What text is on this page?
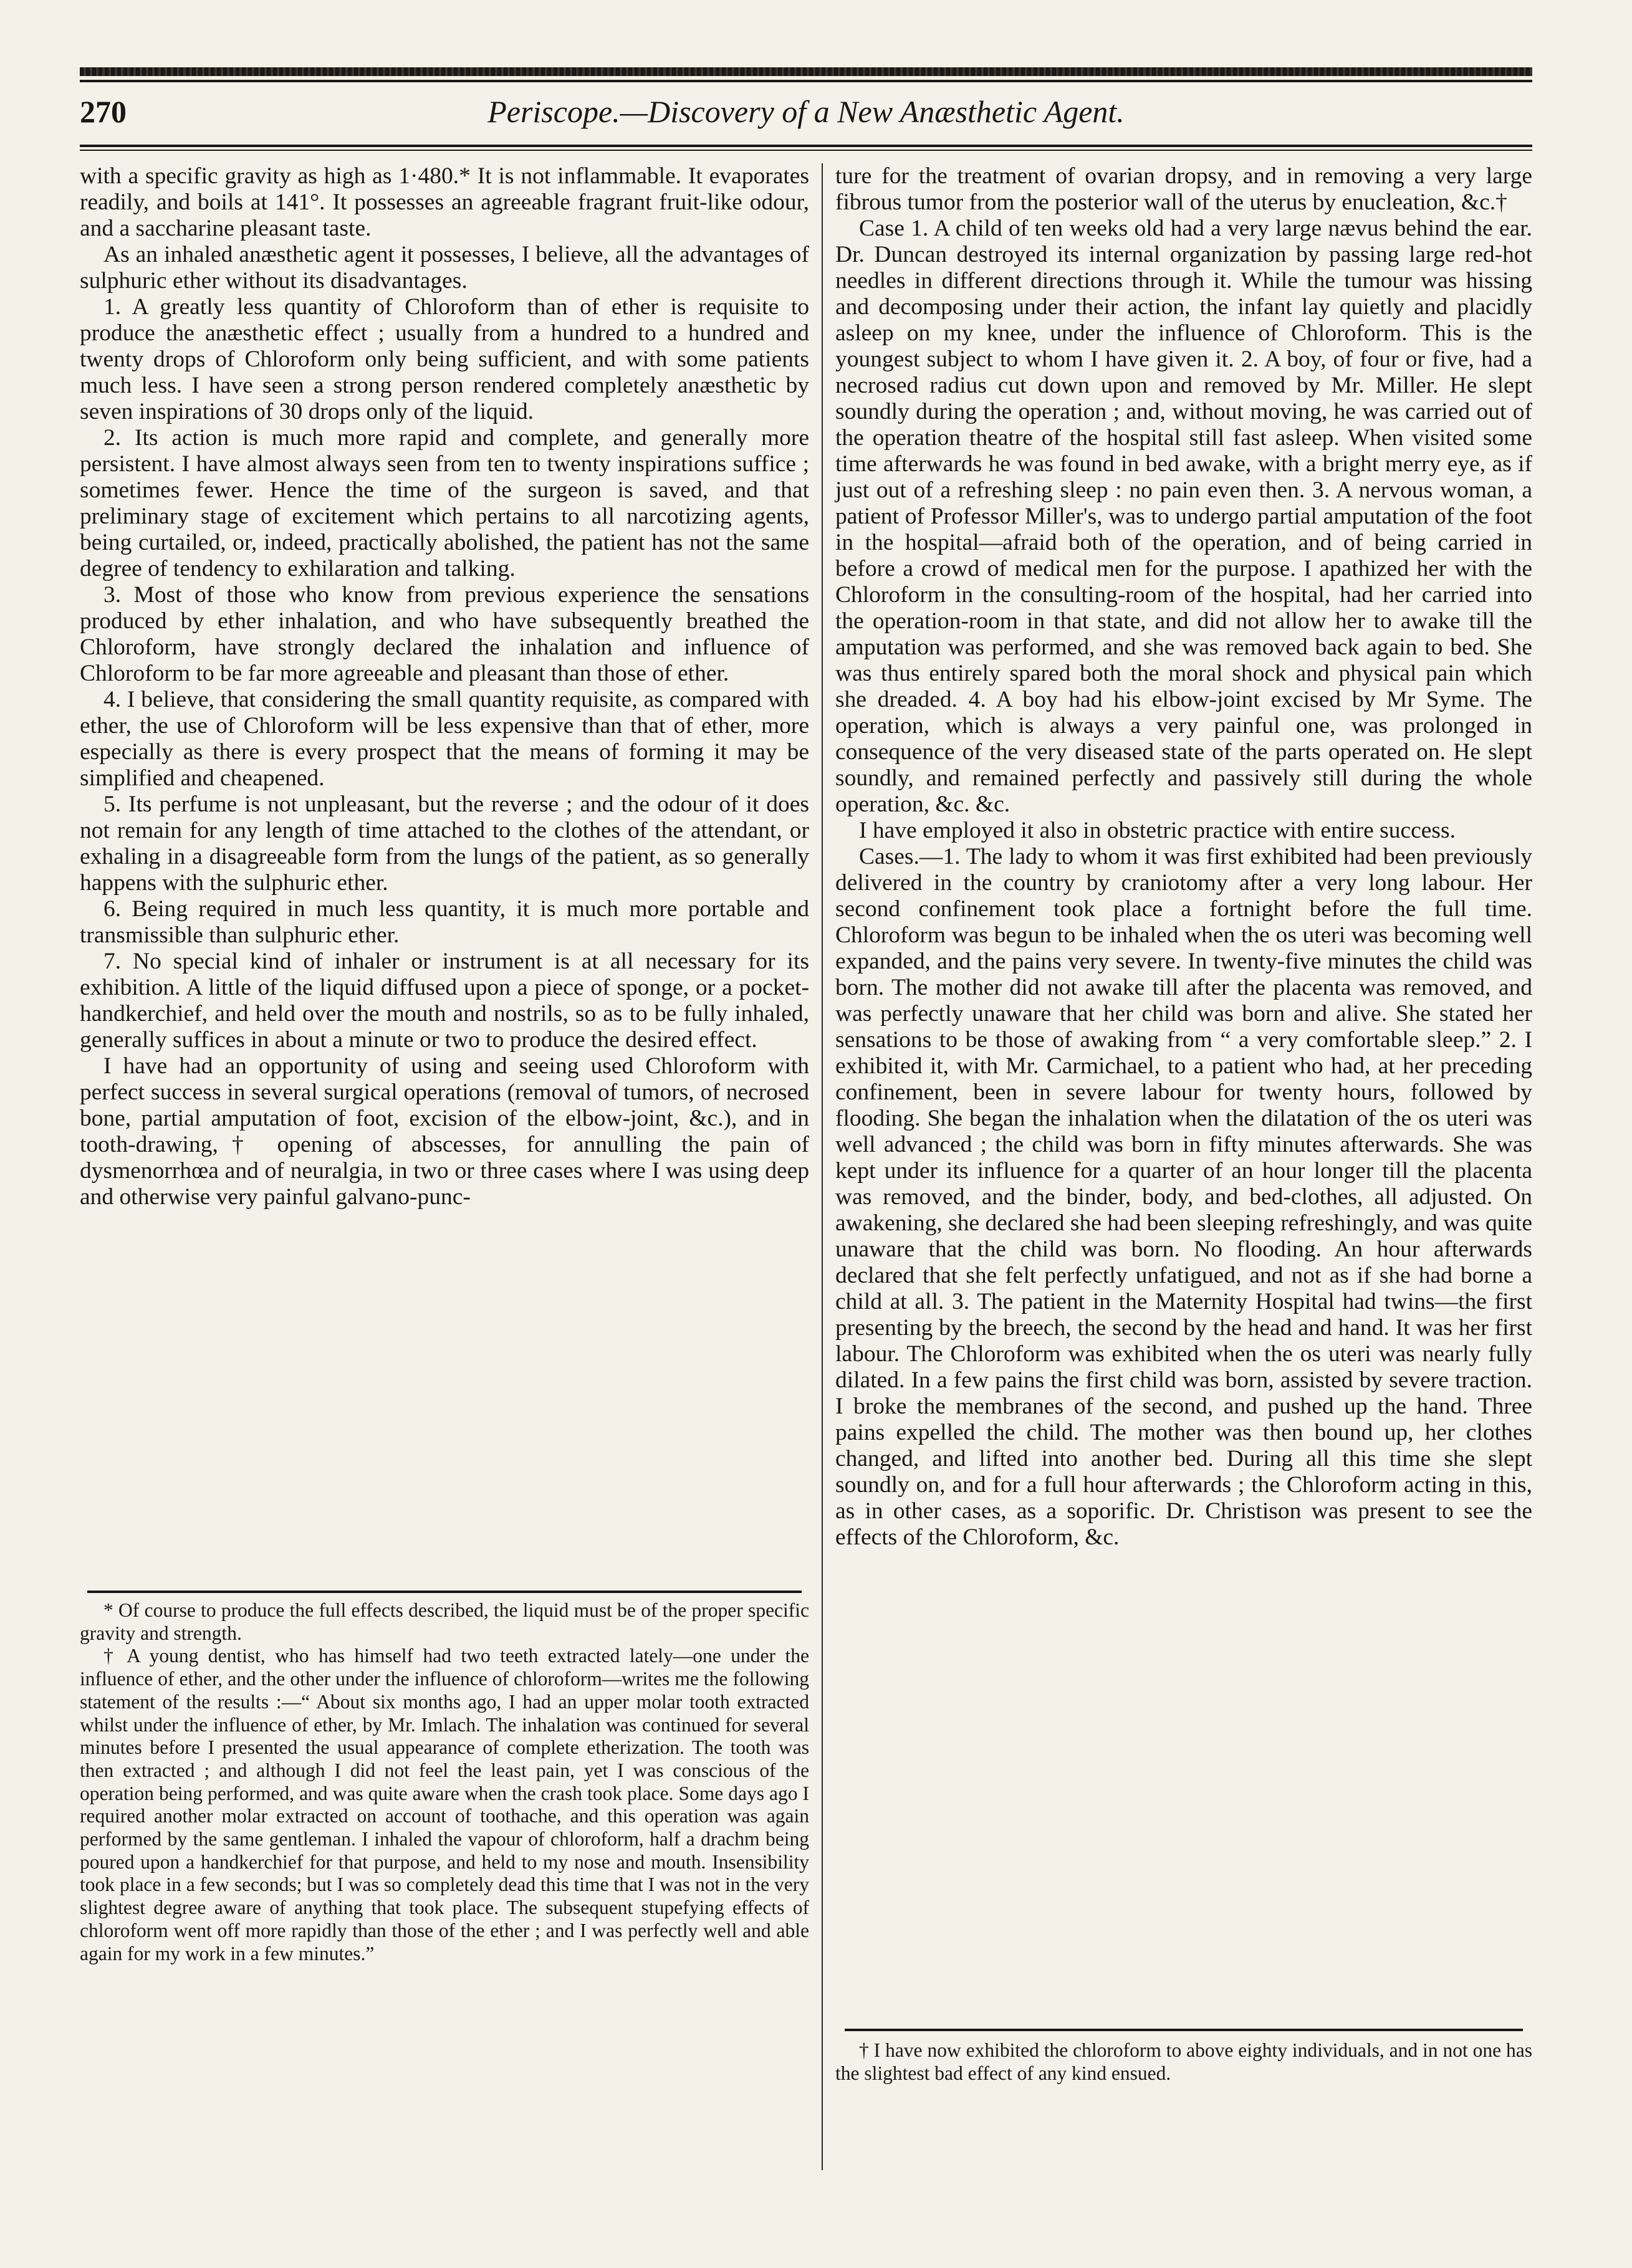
270	Periscope.—Discovery of a New Anæsthetic Agent.

with a specific gravity as high as 1·480.* It is not inflammable. It evaporates readily, and boils at 141°. It possesses an agreeable fragrant fruit-like odour, and a saccharine pleasant taste.

As an inhaled anæsthetic agent it possesses, I believe, all the advantages of sulphuric ether without its disadvantages.

1. A greatly less quantity of Chloroform than of ether is requisite to produce the anæsthetic effect ; usually from a hundred to a hundred and twenty drops of Chloroform only being sufficient, and with some patients much less. I have seen a strong person rendered completely anæsthetic by seven inspirations of 30 drops only of the liquid.

2. Its action is much more rapid and complete, and generally more persistent. I have almost always seen from ten to twenty inspirations suffice ; sometimes fewer. Hence the time of the surgeon is saved, and that preliminary stage of excitement which pertains to all narcotizing agents, being curtailed, or, indeed, practically abolished, the patient has not the same degree of tendency to exhilaration and talking.

3. Most of those who know from previous experience the sensations produced by ether inhalation, and who have subsequently breathed the Chloroform, have strongly declared the inhalation and influence of Chloroform to be far more agreeable and pleasant than those of ether.

4. I believe, that considering the small quantity requisite, as compared with ether, the use of Chloroform will be less expensive than that of ether, more especially as there is every prospect that the means of forming it may be simplified and cheapened.

5. Its perfume is not unpleasant, but the reverse ; and the odour of it does not remain for any length of time attached to the clothes of the attendant, or exhaling in a disagreeable form from the lungs of the patient, as so generally happens with the sulphuric ether.

6. Being required in much less quantity, it is much more portable and transmissible than sulphuric ether.

7. No special kind of inhaler or instrument is at all necessary for its exhibition. A little of the liquid diffused upon a piece of sponge, or a pocket-handkerchief, and held over the mouth and nostrils, so as to be fully inhaled, generally suffices in about a minute or two to produce the desired effect.

I have had an opportunity of using and seeing used Chloroform with perfect success in several surgical operations (removal of tumors, of necrosed bone, partial amputation of foot, excision of the elbow-joint, &c.), and in tooth-drawing,† opening of abscesses, for annulling the pain of dysmenorrhœa and of neuralgia, in two or three cases where I was using deep and otherwise very painful galvano-punc-

ture for the treatment of ovarian dropsy, and in removing a very large fibrous tumor from the posterior wall of the uterus by enucleation, &c.†

Case 1. A child of ten weeks old had a very large nævus behind the ear. Dr. Duncan destroyed its internal organization by passing large red-hot needles in different directions through it. While the tumour was hissing and decomposing under their action, the infant lay quietly and placidly asleep on my knee, under the influence of Chloroform. This is the youngest subject to whom I have given it. 2. A boy, of four or five, had a necrosed radius cut down upon and removed by Mr. Miller. He slept soundly during the operation ; and, without moving, he was carried out of the operation theatre of the hospital still fast asleep. When visited some time afterwards he was found in bed awake, with a bright merry eye, as if just out of a refreshing sleep : no pain even then. 3. A nervous woman, a patient of Professor Miller's, was to undergo partial amputation of the foot in the hospital—afraid both of the operation, and of being carried in before a crowd of medical men for the purpose. I apathized her with the Chloroform in the consulting-room of the hospital, had her carried into the operation-room in that state, and did not allow her to awake till the amputation was performed, and she was removed back again to bed. She was thus entirely spared both the moral shock and physical pain which she dreaded. 4. A boy had his elbow-joint excised by Mr Syme. The operation, which is always a very painful one, was prolonged in consequence of the very diseased state of the parts operated on. He slept soundly, and remained perfectly and passively still during the whole operation, &c. &c.

I have employed it also in obstetric practice with entire success.

Cases.—1. The lady to whom it was first exhibited had been previously delivered in the country by craniotomy after a very long labour. Her second confinement took place a fortnight before the full time. Chloroform was begun to be inhaled when the os uteri was becoming well expanded, and the pains very severe. In twenty-five minutes the child was born. The mother did not awake till after the placenta was removed, and was perfectly unaware that her child was born and alive. She stated her sensations to be those of awaking from “ a very comfortable sleep.” 2. I exhibited it, with Mr. Carmichael, to a patient who had, at her preceding confinement, been in severe labour for twenty hours, followed by flooding. She began the inhalation when the dilatation of the os uteri was well advanced ; the child was born in fifty minutes afterwards. She was kept under its influence for a quarter of an hour longer till the placenta was removed, and the binder, body, and bed-clothes, all adjusted. On awakening, she declared she had been sleeping refreshingly, and was quite unaware that the child was born. No flooding. An hour afterwards declared that she felt perfectly unfatigued, and not as if she had borne a child at all. 3. The patient in the Maternity Hospital had twins—the first presenting by the breech, the second by the head and hand. It was her first labour. The Chloroform was exhibited when the os uteri was nearly fully dilated. In a few pains the first child was born, assisted by severe traction. I broke the membranes of the second, and pushed up the hand. Three pains expelled the child. The mother was then bound up, her clothes changed, and lifted into another bed. During all this time she slept soundly on, and for a full hour afterwards ; the Chloroform acting in this, as in other cases, as a soporific. Dr. Christison was present to see the effects of the Chloroform, &c.

* Of course to produce the full effects described, the liquid must be of the proper specific gravity and strength.

† A young dentist, who has himself had two teeth extracted lately—one under the influence of ether, and the other under the influence of chloroform—writes me the following statement of the results :—“ About six months ago, I had an upper molar tooth extracted whilst under the influence of ether, by Mr. Imlach. The inhalation was continued for several minutes before I presented the usual appearance of complete etherization. The tooth was then extracted ; and although I did not feel the least pain, yet I was conscious of the operation being performed, and was quite aware when the crash took place. Some days ago I required another molar extracted on account of toothache, and this operation was again performed by the same gentleman. I inhaled the vapour of chloroform, half a drachm being poured upon a handkerchief for that purpose, and held to my nose and mouth. Insensibility took place in a few seconds; but I was so completely dead this time that I was not in the very slightest degree aware of anything that took place. The subsequent stupefying effects of chloroform went off more rapidly than those of the ether ; and I was perfectly well and able again for my work in a few minutes.”

† I have now exhibited the chloroform to above eighty individuals, and in not one has the slightest bad effect of any kind ensued.
